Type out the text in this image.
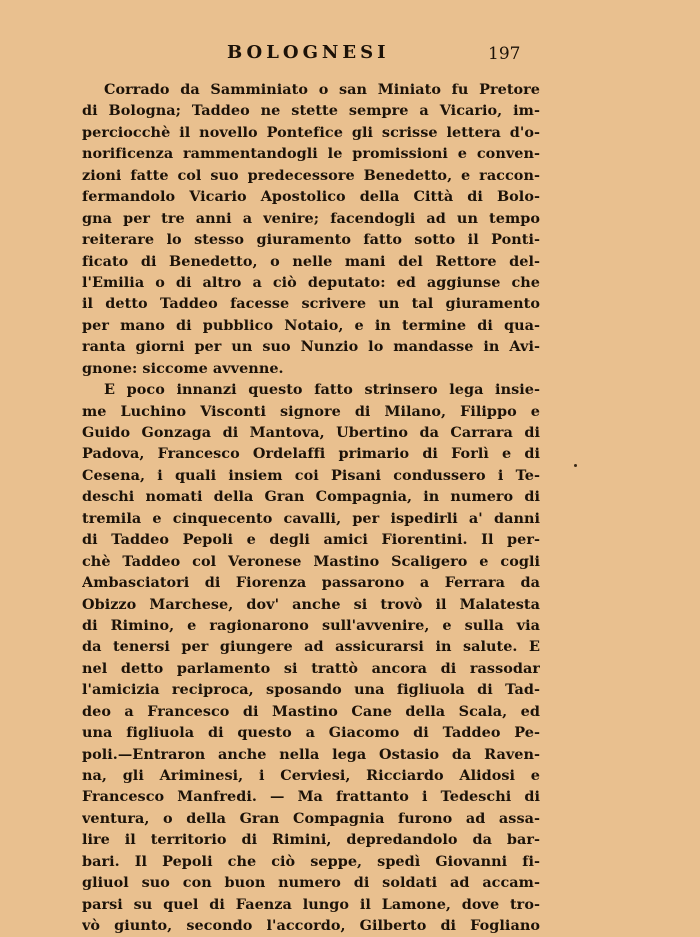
BOLOGNESI	197
Corrado da Samminiato o san Miniato fu Pretore
di Bologna; Taddeo ne stette sempre a Vicario, im-
perciocchè il novello Pontefice gli scrisse lettera d'o-
norificenza rammentandogli le promissioni e conven-
zioni fatte col suo predecessore Benedetto, e raccon-
fermandolo Vicario Apostolico della Città di Bolo-
gna per tre anni a venire; facendogli ad un tempo
reiterare lo stesso giuramento fatto sotto il Ponti-
ficato di Benedetto, o nelle mani del Rettore del-
l'Emilia o di altro a ciò deputato: ed aggiunse che
il detto Taddeo facesse scrivere un tal giuramento
per mano di pubblico Notaio, e in termine di qua-
ranta giorni per un suo Nunzio lo mandasse in Avi-
gnone: siccome avvenne.
E poco innanzi questo fatto strinsero lega insie-
me Luchino Visconti signore di Milano, Filippo e
Guido Gonzaga di Mantova, Ubertino da Carrara di
Padova, Francesco Ordelaffi primario di Forlì e di
Cesena, i quali insiem coi Pisani condussero i Te-
deschi nomati della Gran Compagnia, in numero di
tremila e cinquecento cavalli, per ispedirli a' danni
di Taddeo Pepoli e degli amici Fiorentini. Il per-
chè Taddeo col Veronese Mastino Scaligero e cogli
Ambasciatori di Fiorenza passarono a Ferrara da
Obizzo Marchese, dov' anche si trovò il Malatesta
di Rimino, e ragionarono sull'avvenire, e sulla via
da tenersi per giungere ad assicurarsi in salute. E
nel detto parlamento si trattò ancora di rassodar
l'amicizia reciproca, sposando una figliuola di Tad-
deo a Francesco di Mastino Cane della Scala, ed
una figliuola di questo a Giacomo di Taddeo Pe-
poli.—Entraron anche nella lega Ostasio da Raven-
na, gli Ariminesi, i Cerviesi, Ricciardo Alidosi e
Francesco Manfredi. — Ma frattanto i Tedeschi di
ventura, o della Gran Compagnia furono ad assa-
lire il territorio di Rimini, depredandolo da bar-
bari. Il Pepoli che ciò seppe, spedì Giovanni fi-
gliuol suo con buon numero di soldati ad accam-
parsi su quel di Faenza lungo il Lamone, dove tro-
vò giunto, secondo l'accordo, Gilberto di Fogliano
